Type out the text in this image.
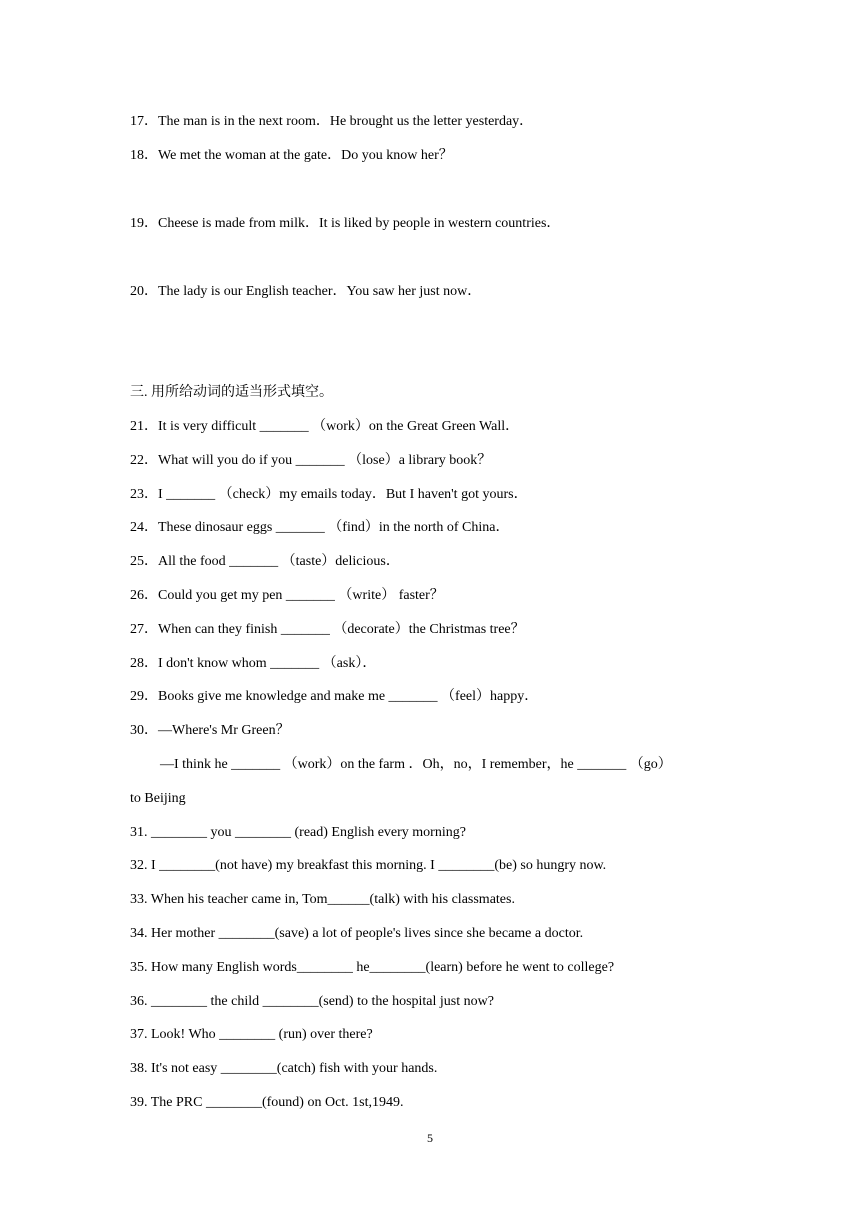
17．The man is in the next room．He brought us the letter yesterday．
18．We met the woman at the gate．Do you know her？
19．Cheese is made from milk．It is liked by people in western countries．
20．The lady is our English teacher．You saw her just now．
三. 用所给动词的适当形式填空。
21．It is very difficult _______ （work）on the Great Green Wall．
22．What will you do if you _______ （lose）a library book？
23．I _______ （check）my emails today．But I haven't got yours．
24．These dinosaur eggs _______ （find）in the north of China．
25．All the food _______ （taste）delicious．
26．Could you get my pen _______ （write） faster？
27．When can they finish _______ （decorate）the Christmas tree？
28．I don't know whom _______ （ask）．
29．Books give me knowledge and make me _______ （feel）happy．
30．—Where's Mr Green？
—I think he _______ （work）on the farm ．Oh，no，I remember，he _______ （go）
to Beijing
31. ________ you ________ (read) English every morning?
32. I ________(not have) my breakfast this morning. I ________(be) so hungry now.
33. When his teacher came in, Tom______(talk) with his classmates.
34. Her mother ________(save) a lot of people's lives since she became a doctor.
35. How many English words________ he________(learn) before he went to college?
36. ________ the child ________(send) to the hospital just now?
37. Look! Who ________ (run) over there?
38. It's not easy ________(catch) fish with your hands.
39. The PRC ________(found) on Oct. 1st,1949.
5
